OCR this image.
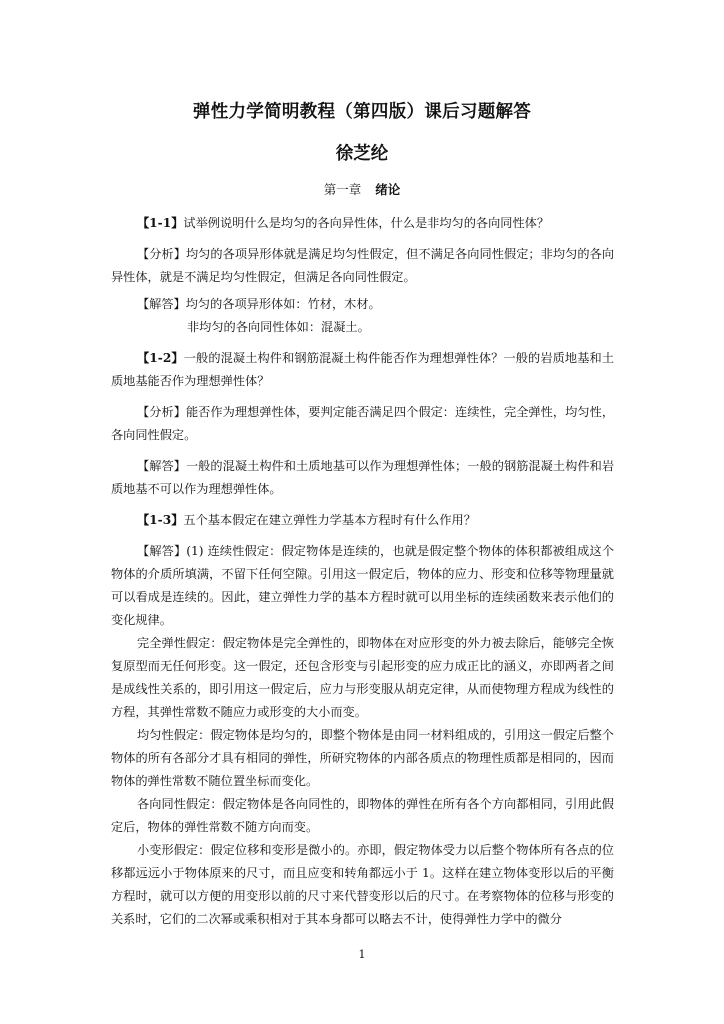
弹性力学简明教程（第四版）课后习题解答
徐芝纶
第一章 绪论

【1-1】试举例说明什么是均匀的各向异性体，什么是非均匀的各向同性体？

【分析】均匀的各项异形体就是满足均匀性假定，但不满足各向同性假定；非均匀的各向异性体，就是不满足均匀性假定，但满足各向同性假定。

【解答】均匀的各项异形体如：竹材，木材。

非均匀的各向同性体如：混凝土。

【1-2】一般的混凝土构件和钢筋混凝土构件能否作为理想弹性体？一般的岩质地基和土质地基能否作为理想弹性体？

【分析】能否作为理想弹性体，要判定能否满足四个假定：连续性，完全弹性，均匀性，各向同性假定。

【解答】一般的混凝土构件和土质地基可以作为理想弹性体；一般的钢筋混凝土构件和岩质地基不可以作为理想弹性体。

【1-3】五个基本假定在建立弹性力学基本方程时有什么作用？

【解答】(1) 连续性假定：假定物体是连续的，也就是假定整个物体的体积都被组成这个物体的介质所填满，不留下任何空隙。引用这一假定后，物体的应力、形变和位移等物理量就可以看成是连续的。因此，建立弹性力学的基本方程时就可以用坐标的连续函数来表示他们的变化规律。

完全弹性假定：假定物体是完全弹性的，即物体在对应形变的外力被去除后，能够完全恢复原型而无任何形变。这一假定，还包含形变与引起形变的应力成正比的涵义，亦即两者之间是成线性关系的，即引用这一假定后，应力与形变服从胡克定律，从而使物理方程成为线性的方程，其弹性常数不随应力或形变的大小而变。

均匀性假定：假定物体是均匀的，即整个物体是由同一材料组成的，引用这一假定后整个物体的所有各部分才具有相同的弹性，所研究物体的内部各质点的物理性质都是相同的，因而物体的弹性常数不随位置坐标而变化。

各向同性假定：假定物体是各向同性的，即物体的弹性在所有各个方向都相同，引用此假定后，物体的弹性常数不随方向而变。

小变形假定：假定位移和变形是微小的。亦即，假定物体受力以后整个物体所有各点的位移都远远小于物体原来的尺寸，而且应变和转角都远小于 1。这样在建立物体变形以后的平衡方程时，就可以方便的用变形以前的尺寸来代替变形以后的尺寸。在考察物体的位移与形变的关系时，它们的二次幂或乘积相对于其本身都可以略去不计，使得弹性力学中的微分

1
